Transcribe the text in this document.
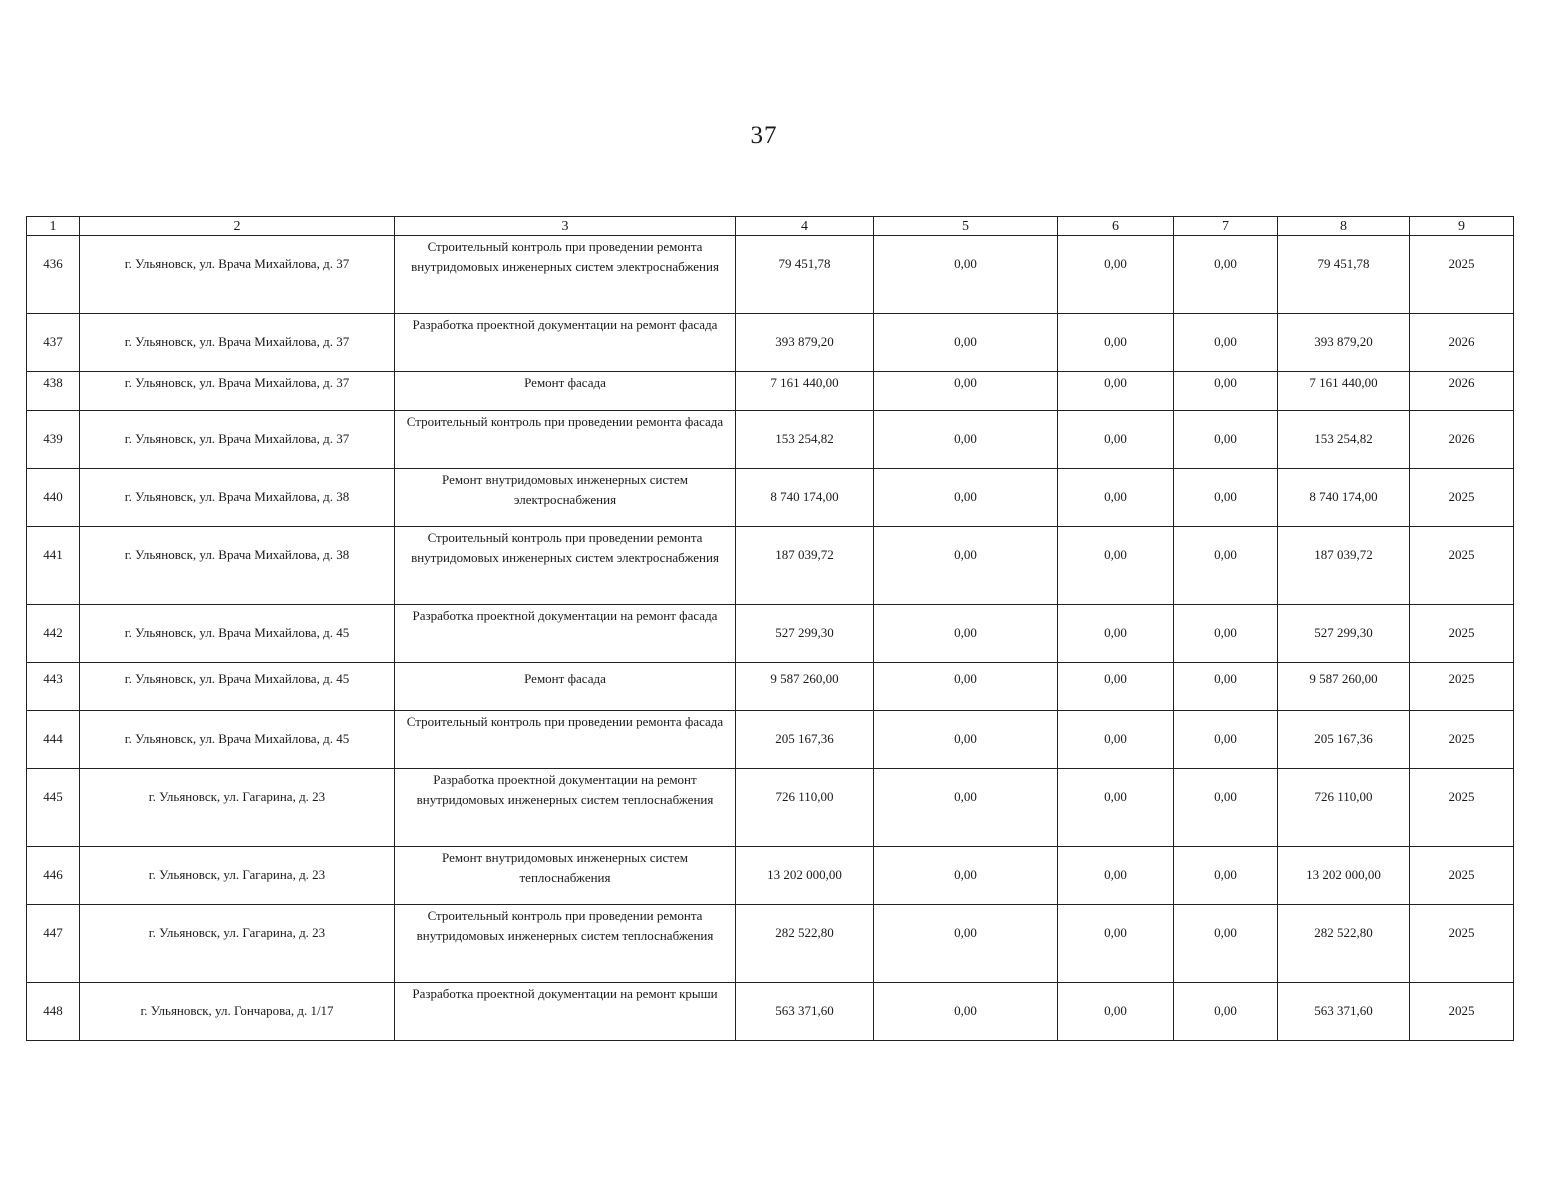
37
1	2	3	4	5	6	7	8	9
436	г. Ульяновск, ул. Врача Михайлова, д. 37	Строительный контроль при проведении ремонта внутридомовых инженерных систем электроснабжения	79 451,78	0,00	0,00	0,00	79 451,78	2025
437	г. Ульяновск, ул. Врача Михайлова, д. 37	Разработка проектной документации на ремонт фасада	393 879,20	0,00	0,00	0,00	393 879,20	2026
438	г. Ульяновск, ул. Врача Михайлова, д. 37	Ремонт фасада	7 161 440,00	0,00	0,00	0,00	7 161 440,00	2026
439	г. Ульяновск, ул. Врача Михайлова, д. 37	Строительный контроль при проведении ремонта фасада	153 254,82	0,00	0,00	0,00	153 254,82	2026
440	г. Ульяновск, ул. Врача Михайлова, д. 38	Ремонт внутридомовых инженерных систем электроснабжения	8 740 174,00	0,00	0,00	0,00	8 740 174,00	2025
441	г. Ульяновск, ул. Врача Михайлова, д. 38	Строительный контроль при проведении ремонта внутридомовых инженерных систем электроснабжения	187 039,72	0,00	0,00	0,00	187 039,72	2025
442	г. Ульяновск, ул. Врача Михайлова, д. 45	Разработка проектной документации на ремонт фасада	527 299,30	0,00	0,00	0,00	527 299,30	2025
443	г. Ульяновск, ул. Врача Михайлова, д. 45	Ремонт фасада	9 587 260,00	0,00	0,00	0,00	9 587 260,00	2025
444	г. Ульяновск, ул. Врача Михайлова, д. 45	Строительный контроль при проведении ремонта фасада	205 167,36	0,00	0,00	0,00	205 167,36	2025
445	г. Ульяновск, ул. Гагарина, д. 23	Разработка проектной документации на ремонт внутридомовых инженерных систем теплоснабжения	726 110,00	0,00	0,00	0,00	726 110,00	2025
446	г. Ульяновск, ул. Гагарина, д. 23	Ремонт внутридомовых инженерных систем теплоснабжения	13 202 000,00	0,00	0,00	0,00	13 202 000,00	2025
447	г. Ульяновск, ул. Гагарина, д. 23	Строительный контроль при проведении ремонта внутридомовых инженерных систем теплоснабжения	282 522,80	0,00	0,00	0,00	282 522,80	2025
448	г. Ульяновск, ул. Гончарова, д. 1/17	Разработка проектной документации на ремонт крыши	563 371,60	0,00	0,00	0,00	563 371,60	2025
